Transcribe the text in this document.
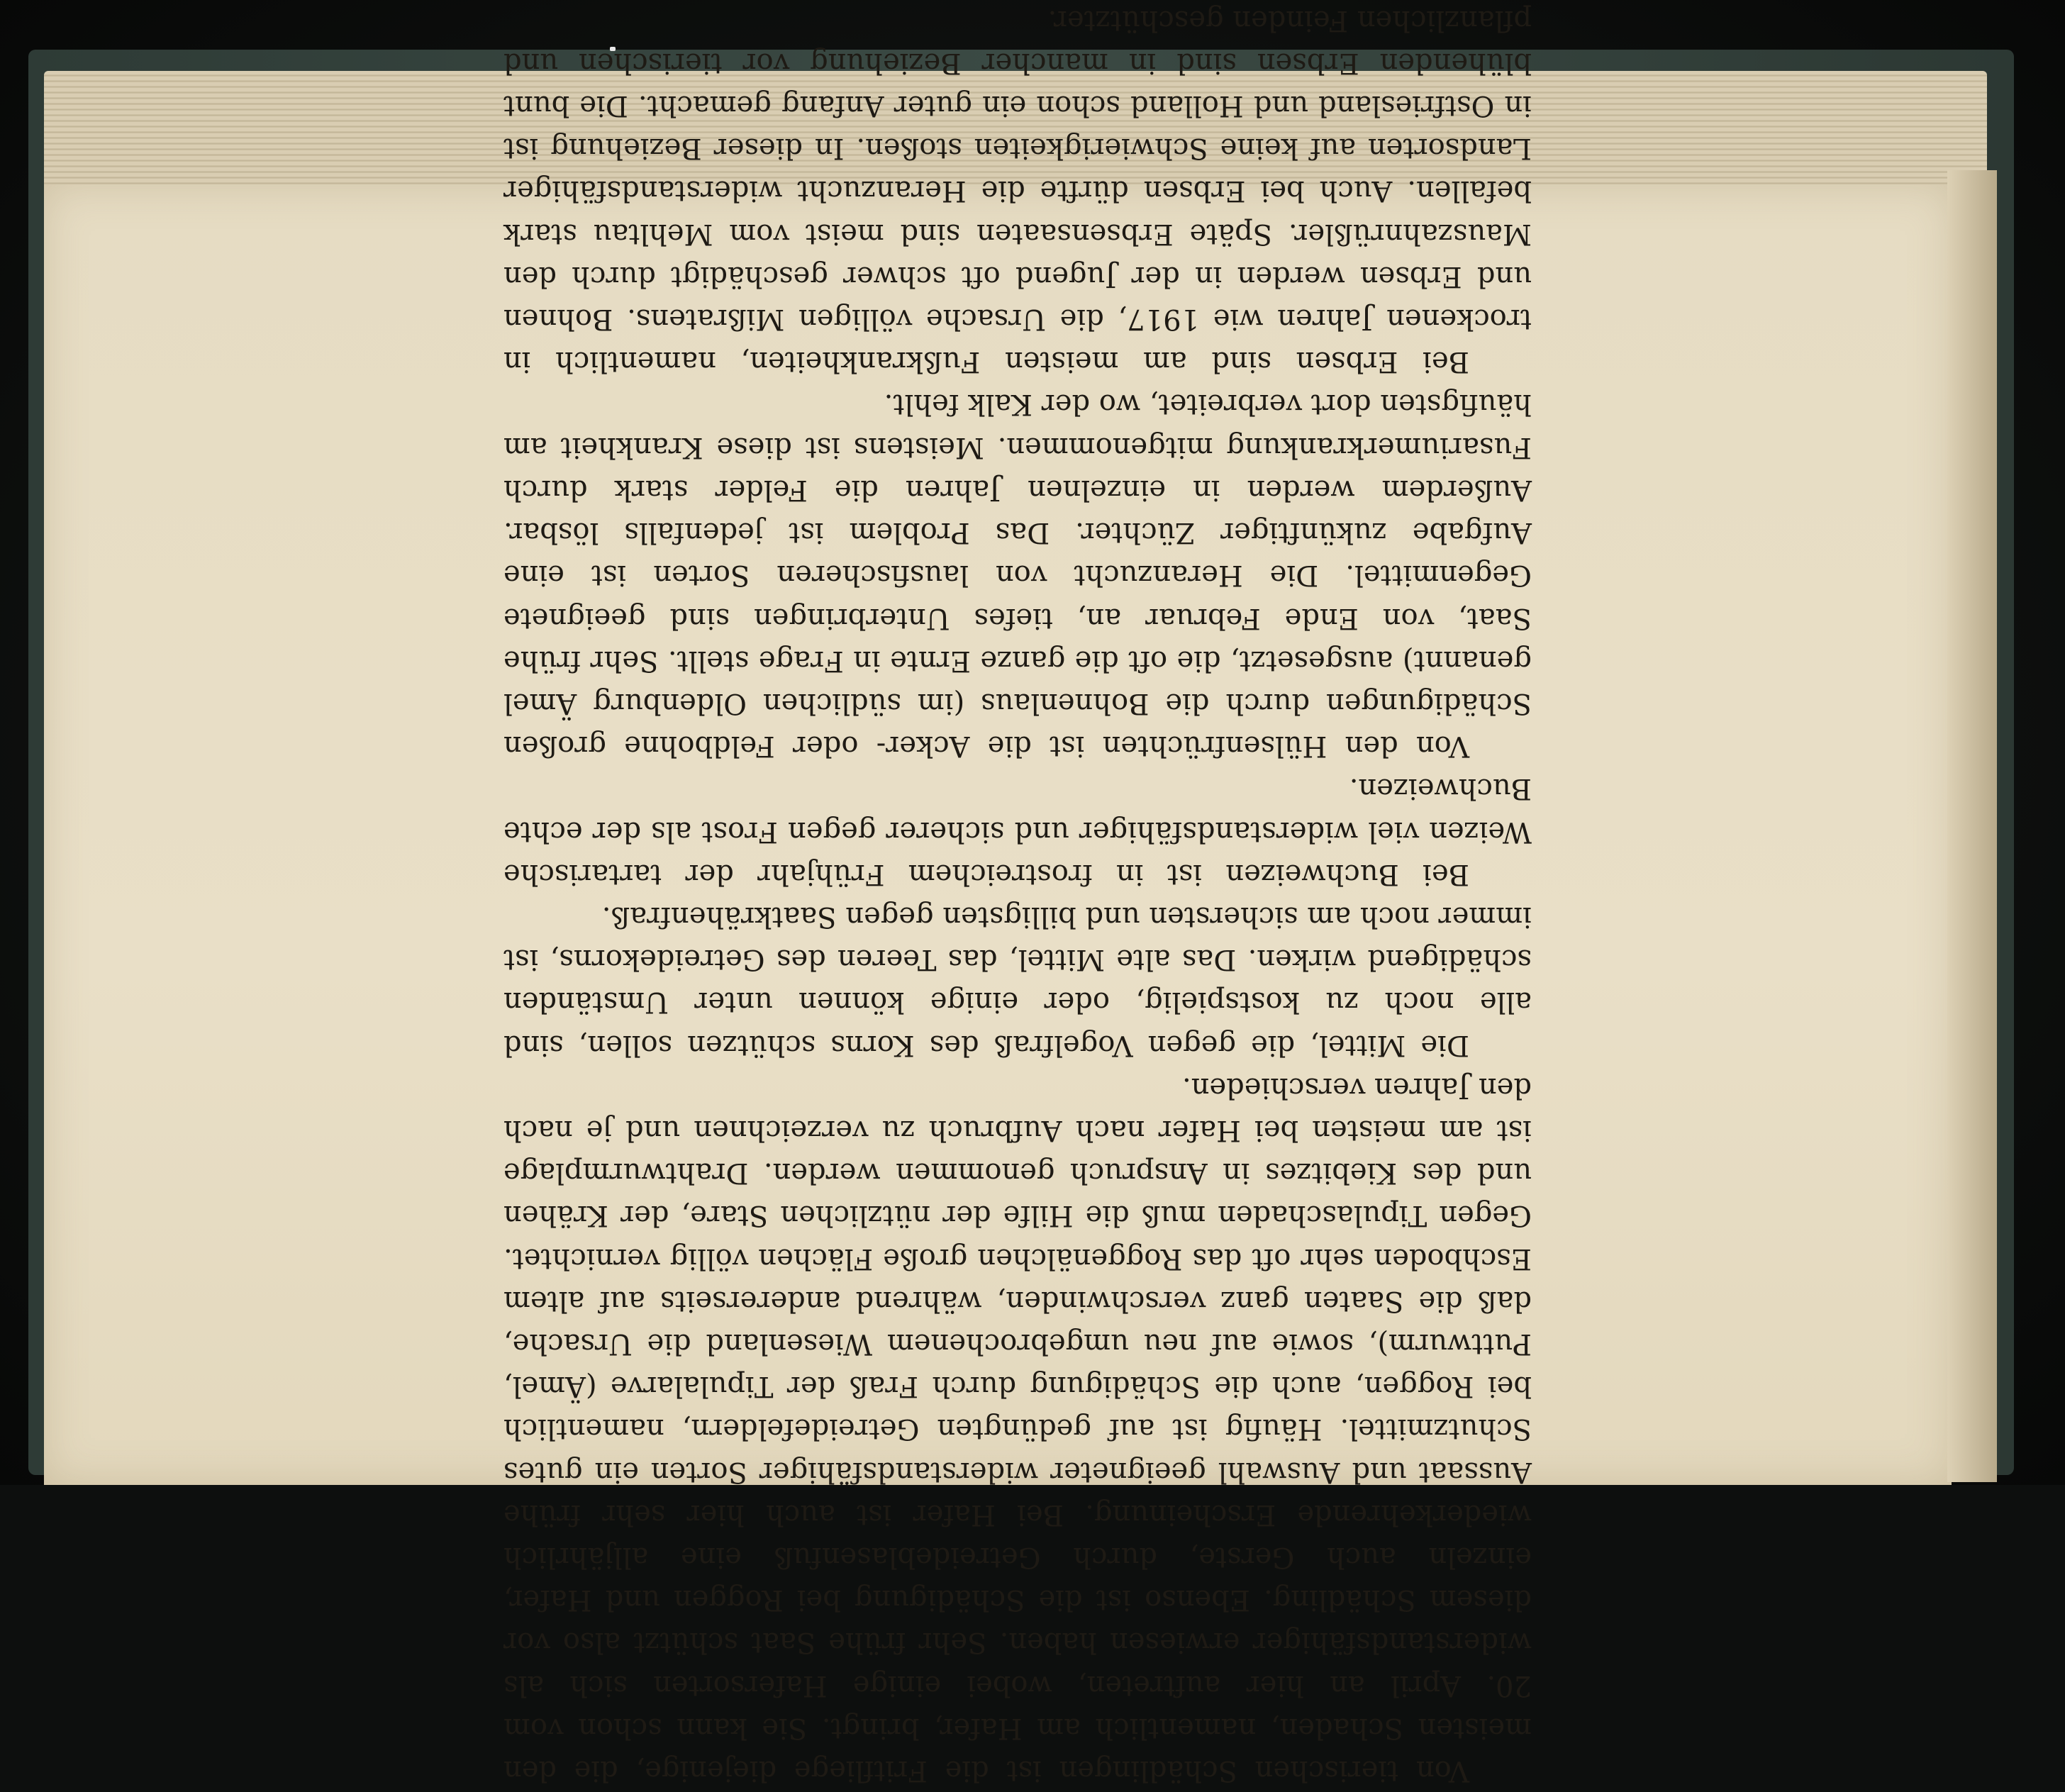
Von tierischen Schädlingen ist die Fritfliege diejenige, die den meisten Schaden, namentlich am Hafer, bringt. Sie kann schon vom 20. April an hier auftreten, wobei einige Hafersorten sich als widerstandsfähiger erwiesen haben. Sehr frühe Saat schützt also vor diesem Schädling. Ebenso ist die Schädigung bei Roggen und Hafer, einzeln auch Gerste, durch Getreideblasenfuß eine alljährlich wiederkehrende Erscheinung. Bei Hafer ist auch hier sehr frühe Aussaat und Auswahl geeigneter widerstandsfähiger Sorten ein gutes Schutzmittel. Häufig ist auf gedüngten Getreidefeldern, namentlich bei Roggen, auch die Schädigung durch Fraß der Tipulalarve (Ämel, Puttwurm), sowie auf neu umgebrochenem Wiesenland die Ursache, daß die Saaten ganz verschwinden, während andererseits auf altem Eschboden sehr oft das Roggenälchen große Flächen völlig vernichtet. Gegen Tipulaschaden muß die Hilfe der nützlichen Stare, der Krähen und des Kiebitzes in Anspruch genommen werden. Drahtwurmplage ist am meisten bei Hafer nach Aufbruch zu verzeichnen und je nach den Jahren verschieden.

Die Mittel, die gegen Vogelfraß des Korns schützen sollen, sind alle noch zu kostspielig, oder einige können unter Umständen schädigend wirken. Das alte Mittel, das Teeren des Getreidekorns, ist immer noch am sichersten und billigsten gegen Saatkrähenfraß.

Bei Buchweizen ist in frostreichem Frühjahr der tartarische Weizen viel widerstandsfähiger und sicherer gegen Frost als der echte Buchweizen.

Von den Hülsenfrüchten ist die Acker- oder Feldbohne großen Schädigungen durch die Bohnenlaus (im südlichen Oldenburg Ämel genannt) ausgesetzt, die oft die ganze Ernte in Frage stellt. Sehr frühe Saat, von Ende Februar an, tiefes Unterbringen sind geeignete Gegenmittel. Die Heranzucht von lausfischeren Sorten ist eine Aufgabe zukünftiger Züchter. Das Problem ist jedenfalls lösbar. Außerdem werden in einzelnen Jahren die Felder stark durch Fusariumerkrankung mitgenommen. Meistens ist diese Krankheit am häufigsten dort verbreitet, wo der Kalk fehlt.

Bei Erbsen sind am meisten Fußkrankheiten, namentlich in trockenen Jahren wie 1917, die Ursache völligen Mißratens. Bohnen und Erbsen werden in der Jugend oft schwer geschädigt durch den Mauszahnrüßler. Späte Erbsensaaten sind meist vom Mehltau stark befallen. Auch bei Erbsen dürfte die Heranzucht widerstandsfähiger Landsorten auf keine Schwierigkeiten stoßen. In dieser Beziehung ist in Ostfriesland und Holland schon ein guter Anfang gemacht. Die bunt blühenden Erbsen sind in mancher Beziehung vor tierischen und pflanzlichen Feinden geschützter.
